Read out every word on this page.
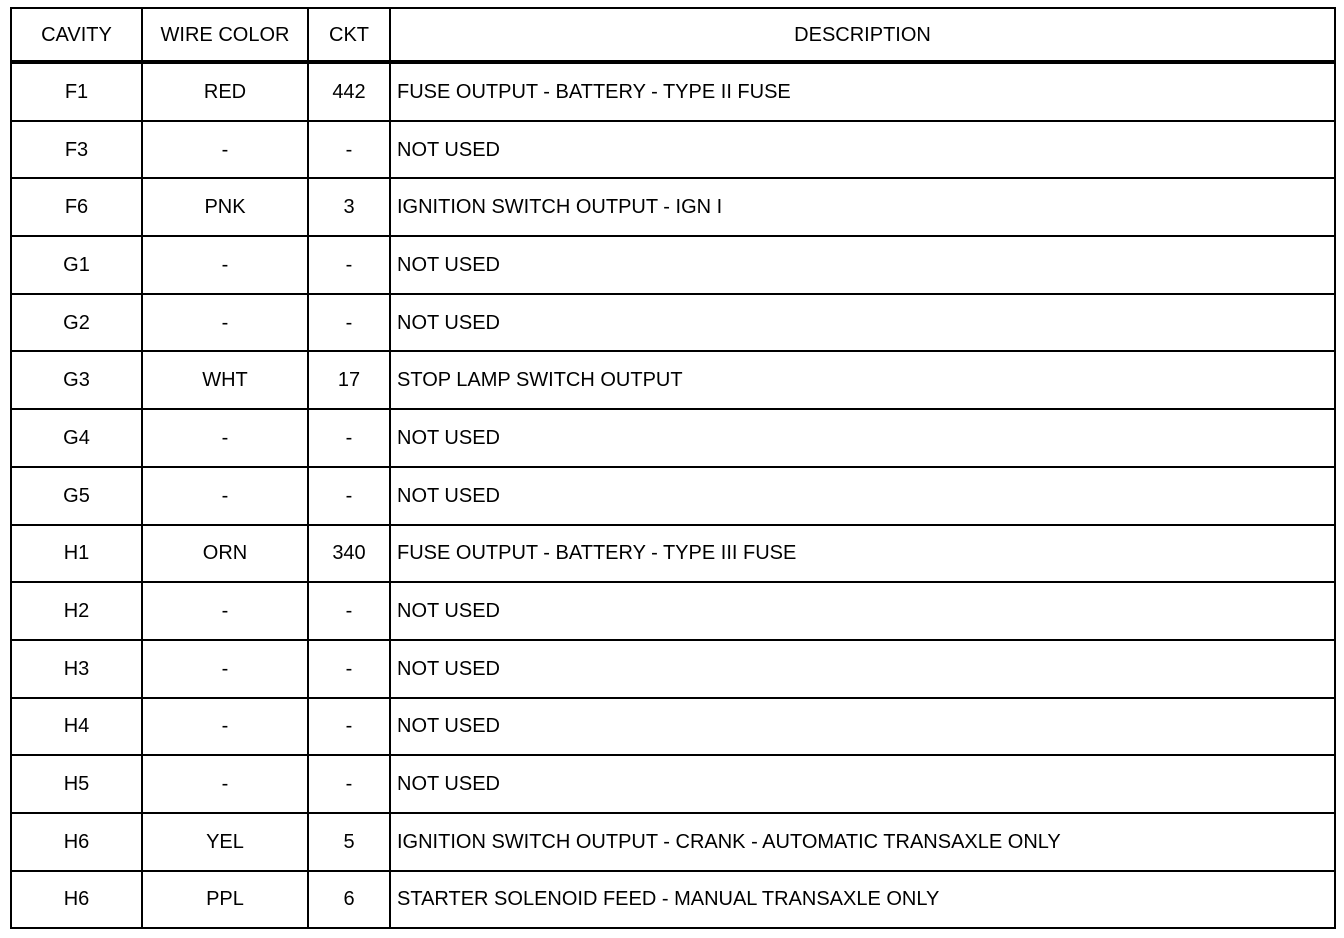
CAVITY	WIRE COLOR	CKT	DESCRIPTION
F1	RED	442	FUSE OUTPUT - BATTERY - TYPE II FUSE
F3	-	-	NOT USED
F6	PNK	3	IGNITION SWITCH OUTPUT - IGN I
G1	-	-	NOT USED
G2	-	-	NOT USED
G3	WHT	17	STOP LAMP SWITCH OUTPUT
G4	-	-	NOT USED
G5	-	-	NOT USED
H1	ORN	340	FUSE OUTPUT - BATTERY - TYPE III FUSE
H2	-	-	NOT USED
H3	-	-	NOT USED
H4	-	-	NOT USED
H5	-	-	NOT USED
H6	YEL	5	IGNITION SWITCH OUTPUT - CRANK - AUTOMATIC TRANSAXLE ONLY
H6	PPL	6	STARTER SOLENOID FEED - MANUAL TRANSAXLE ONLY
